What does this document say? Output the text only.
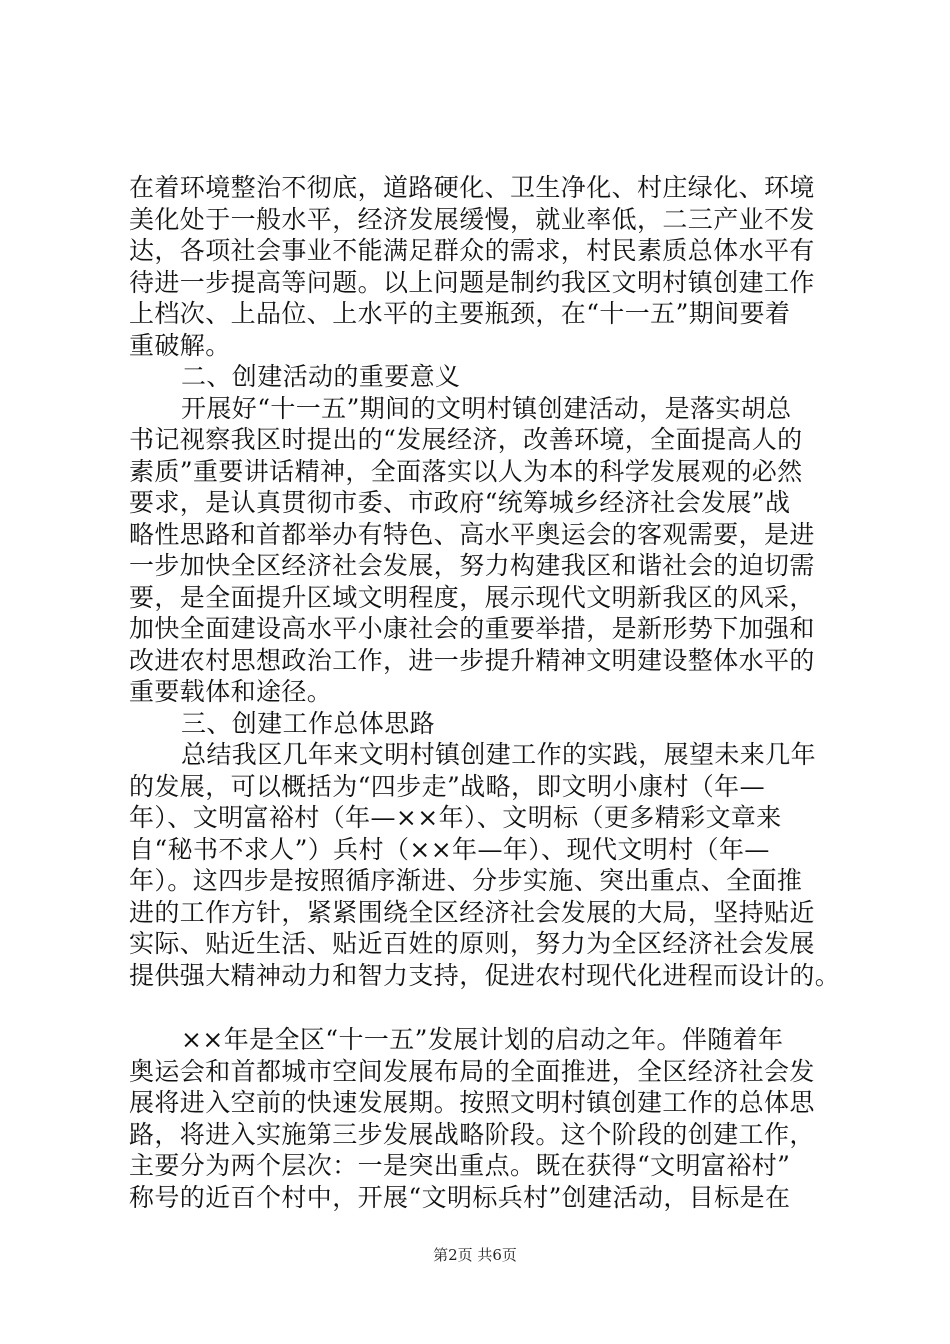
在着环境整治不彻底，道路硬化、卫生净化、村庄绿化、环境
美化处于一般水平，经济发展缓慢，就业率低，二三产业不发
达，各项社会事业不能满足群众的需求，村民素质总体水平有
待进一步提高等问题。以上问题是制约我区文明村镇创建工作
上档次、上品位、上水平的主要瓶颈，在“十一五”期间要着
重破解。
二、创建活动的重要意义
开展好“十一五”期间的文明村镇创建活动，是落实胡总
书记视察我区时提出的“发展经济，改善环境，全面提高人的
素质”重要讲话精神，全面落实以人为本的科学发展观的必然
要求，是认真贯彻市委、市政府“统筹城乡经济社会发展”战
略性思路和首都举办有特色、高水平奥运会的客观需要，是进
一步加快全区经济社会发展，努力构建我区和谐社会的迫切需
要，是全面提升区域文明程度，展示现代文明新我区的风采，
加快全面建设高水平小康社会的重要举措，是新形势下加强和
改进农村思想政治工作，进一步提升精神文明建设整体水平的
重要载体和途径。
三、创建工作总体思路
总结我区几年来文明村镇创建工作的实践，展望未来几年
的发展，可以概括为“四步走”战略，即文明小康村（年—
年）、文明富裕村（年—××年）、文明标（更多精彩文章来
自“秘书不求人”）兵村（××年—年）、现代文明村（年—
年）。这四步是按照循序渐进、分步实施、突出重点、全面推
进的工作方针，紧紧围绕全区经济社会发展的大局，坚持贴近
实际、贴近生活、贴近百姓的原则，努力为全区经济社会发展
提供强大精神动力和智力支持，促进农村现代化进程而设计的。
××年是全区“十一五”发展计划的启动之年。伴随着年
奥运会和首都城市空间发展布局的全面推进，全区经济社会发
展将进入空前的快速发展期。按照文明村镇创建工作的总体思
路，将进入实施第三步发展战略阶段。这个阶段的创建工作，
主要分为两个层次：一是突出重点。既在获得“文明富裕村”
称号的近百个村中，开展“文明标兵村”创建活动，目标是在
第2页 共6页
